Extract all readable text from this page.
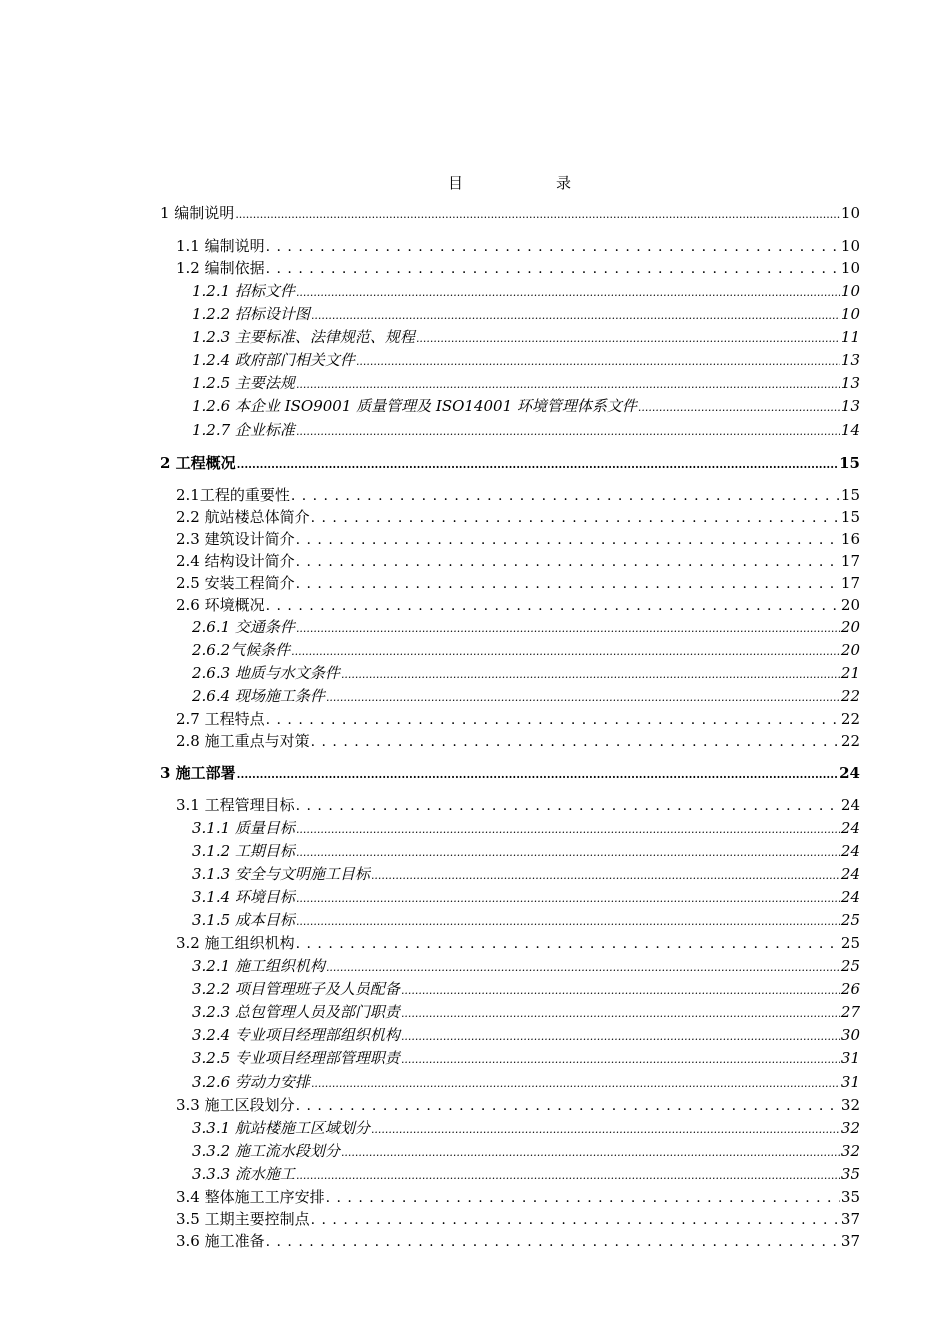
目	录
1 编制说明 .....	10
1.1 编制说明 . . .	10
1.2 编制依据 . . .	10
1.2.1 招标文件 .....	10
1.2.2 招标设计图 .....	10
1.2.3 主要标准、法律规范、规程 .....	11
1.2.4 政府部门相关文件 .....	13
1.2.5 主要法规 .....	13
1.2.6 本企业 ISO9001 质量管理及 ISO14001 环境管理体系文件 .....	13
1.2.7 企业标准 .....	14
2 工程概况 .....	15
2.1工程的重要性 . . .	15
2.2 航站楼总体简介 . . .	15
2.3 建筑设计简介 . . .	16
2.4 结构设计简介 . . .	17
2.5 安装工程简介 . . .	17
2.6 环境概况 . . .	20
2.6.1 交通条件 .....	20
2.6.2气候条件 .....	20
2.6.3 地质与水文条件 .....	21
2.6.4 现场施工条件 .....	22
2.7 工程特点 . . .	22
2.8 施工重点与对策 . . .	22
3 施工部署 .....	24
3.1 工程管理目标 . . .	24
3.1.1 质量目标 .....	24
3.1.2 工期目标 .....	24
3.1.3 安全与文明施工目标 .....	24
3.1.4 环境目标 .....	24
3.1.5 成本目标 .....	25
3.2 施工组织机构 . . .	25
3.2.1 施工组织机构 .....	25
3.2.2 项目管理班子及人员配备 .....	26
3.2.3 总包管理人员及部门职责 .....	27
3.2.4 专业项目经理部组织机构 .....	30
3.2.5 专业项目经理部管理职责 .....	31
3.2.6 劳动力安排 .....	31
3.3 施工区段划分 . . .	32
3.3.1 航站楼施工区域划分 .....	32
3.3.2 施工流水段划分 .....	32
3.3.3 流水施工 .....	35
3.4 整体施工工序安排 . . .	35
3.5 工期主要控制点 . . .	37
3.6 施工准备 . . .	37
